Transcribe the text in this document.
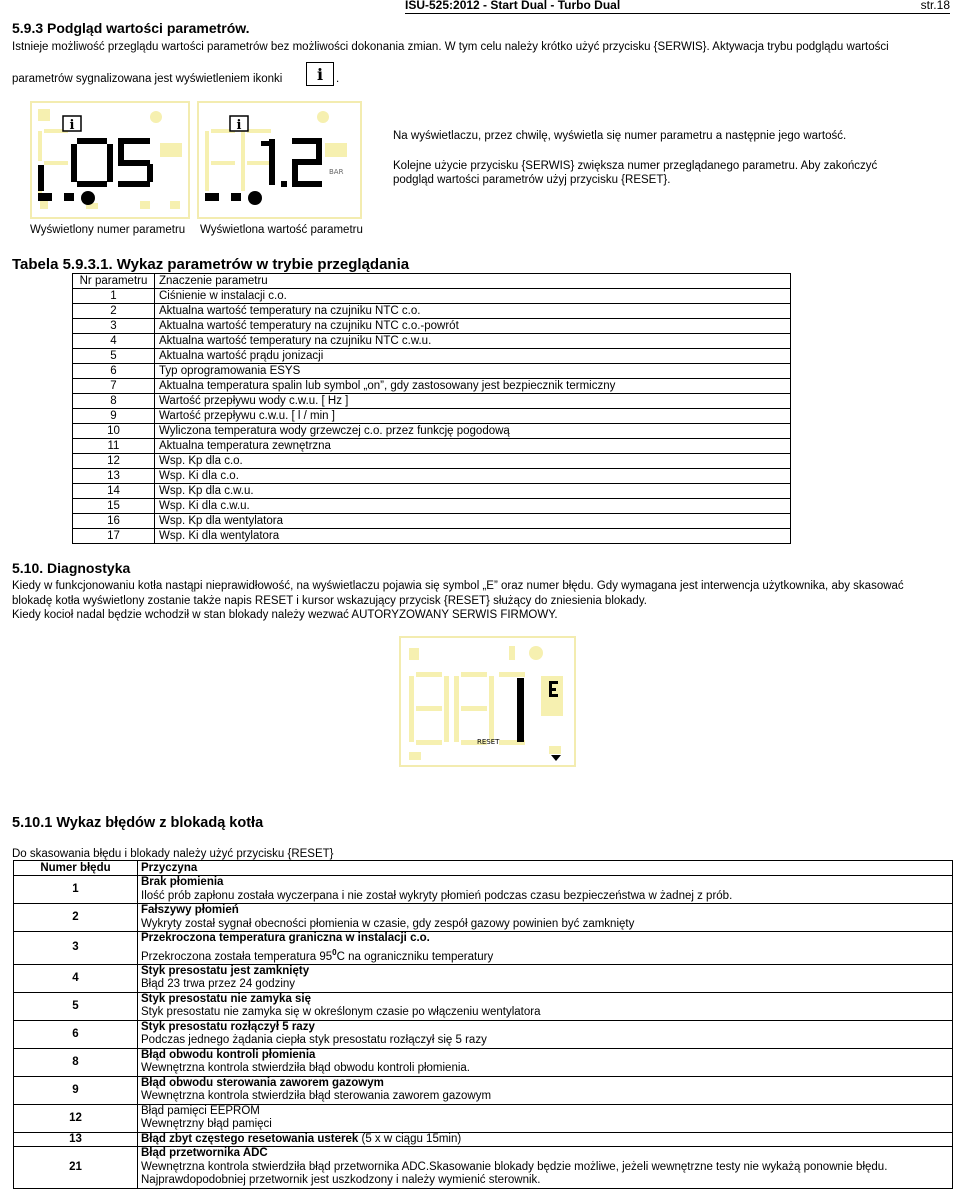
ISU-525:2012 - Start Dual - Turbo Dual	str.18
5.9.3 Podgląd wartości parametrów.
Istnieje możliwość przeglądu wartości parametrów bez możliwości dokonania zmian. W tym celu należy krótko użyć przycisku {SERWIS}. Aktywacja trybu podglądu wartości
parametrów sygnalizowana jest wyświetleniem ikonki	i	.
i	i
BAR
Wyświetlony numer parametru Wyświetlona wartość parametru
Na wyświetlaczu, przez chwilę, wyświetla się numer parametru a następnie jego wartość.
Kolejne użycie przycisku {SERWIS} zwiększa numer przeglądanego parametru. Aby zakończyć
podgląd wartości parametrów użyj przycisku {RESET}.
Tabela 5.9.3.1. Wykaz parametrów w trybie przeglądania
Nr parametru	Znaczenie parametru
1	Ciśnienie w instalacji c.o.
2	Aktualna wartość temperatury na czujniku NTC c.o.
3	Aktualna wartość temperatury na czujniku NTC c.o.-powrót
4	Aktualna wartość temperatury na czujniku NTC c.w.u.
5	Aktualna wartość prądu jonizacji
6	Typ oprogramowania ESYS
7	Aktualna temperatura spalin lub symbol „on”, gdy zastosowany jest bezpiecznik termiczny
8	Wartość przepływu wody c.w.u. [ Hz ]
9	Wartość przepływu c.w.u. [ l / min ]
10	Wyliczona temperatura wody grzewczej c.o. przez funkcję pogodową
11	Aktualna temperatura zewnętrzna
12	Wsp. Kp dla c.o.
13	Wsp. Ki dla c.o.
14	Wsp. Kp dla c.w.u.
15	Wsp. Ki dla c.w.u.
16	Wsp. Kp dla wentylatora
17	Wsp. Ki dla wentylatora
5.10. Diagnostyka
Kiedy w funkcjonowaniu kotła nastąpi nieprawidłowość, na wyświetlaczu pojawia się symbol „E” oraz numer błędu. Gdy wymagana jest interwencja użytkownika, aby skasować
blokadę kotła wyświetlony zostanie także napis RESET i kursor wskazujący przycisk {RESET} służący do zniesienia blokady.
Kiedy kocioł nadal będzie wchodził w stan blokady należy wezwać AUTORYZOWANY SERWIS FIRMOWY.
RESET
5.10.1 Wykaz błędów z blokadą kotła
Do skasowania błędu i blokady należy użyć przycisku {RESET}
Numer błędu	Przyczyna
1	Brak płomienia
Ilość prób zapłonu została wyczerpana i nie został wykryty płomień podczas czasu bezpieczeństwa w żadnej z prób.

2	Fałszywy płomień
Wykryty został sygnał obecności płomienia w czasie, gdy zespół gazowy powinien być zamknięty

3	Przekroczona temperatura graniczna w instalacji c.o.
Przekroczona została temperatura $95^0C$ na ograniczniku temperatury

4	Styk presostatu jest zamknięty
Błąd 23 trwa przez 24 godziny

5	Styk presostatu nie zamyka się
Styk presostatu nie zamyka się w określonym czasie po włączeniu wentylatora

6	Styk presostatu rozłączył 5 razy
Podczas jednego żądania ciepła styk presostatu rozłączył się 5 razy

8	Błąd obwodu kontroli płomienia
Wewnętrzna kontrola stwierdziła błąd obwodu kontroli płomienia.

9	Błąd obwodu sterowania zaworem gazowym
Wewnętrzna kontrola stwierdziła błąd sterowania zaworem gazowym

12	Błąd pamięci EEPROM
Wewnętrzny błąd pamięci

13	Błąd zbyt częstego resetowania usterek (5 x w ciągu 15min)

21	Błąd przetwornika ADC
Wewnętrzna kontrola stwierdziła błąd przetwornika ADC.Skasowanie blokady będzie możliwe, jeżeli wewnętrzne testy nie wykażą ponownie błędu.
Najprawdopodobniej przetwornik jest uszkodzony i należy wymienić sterownik.
